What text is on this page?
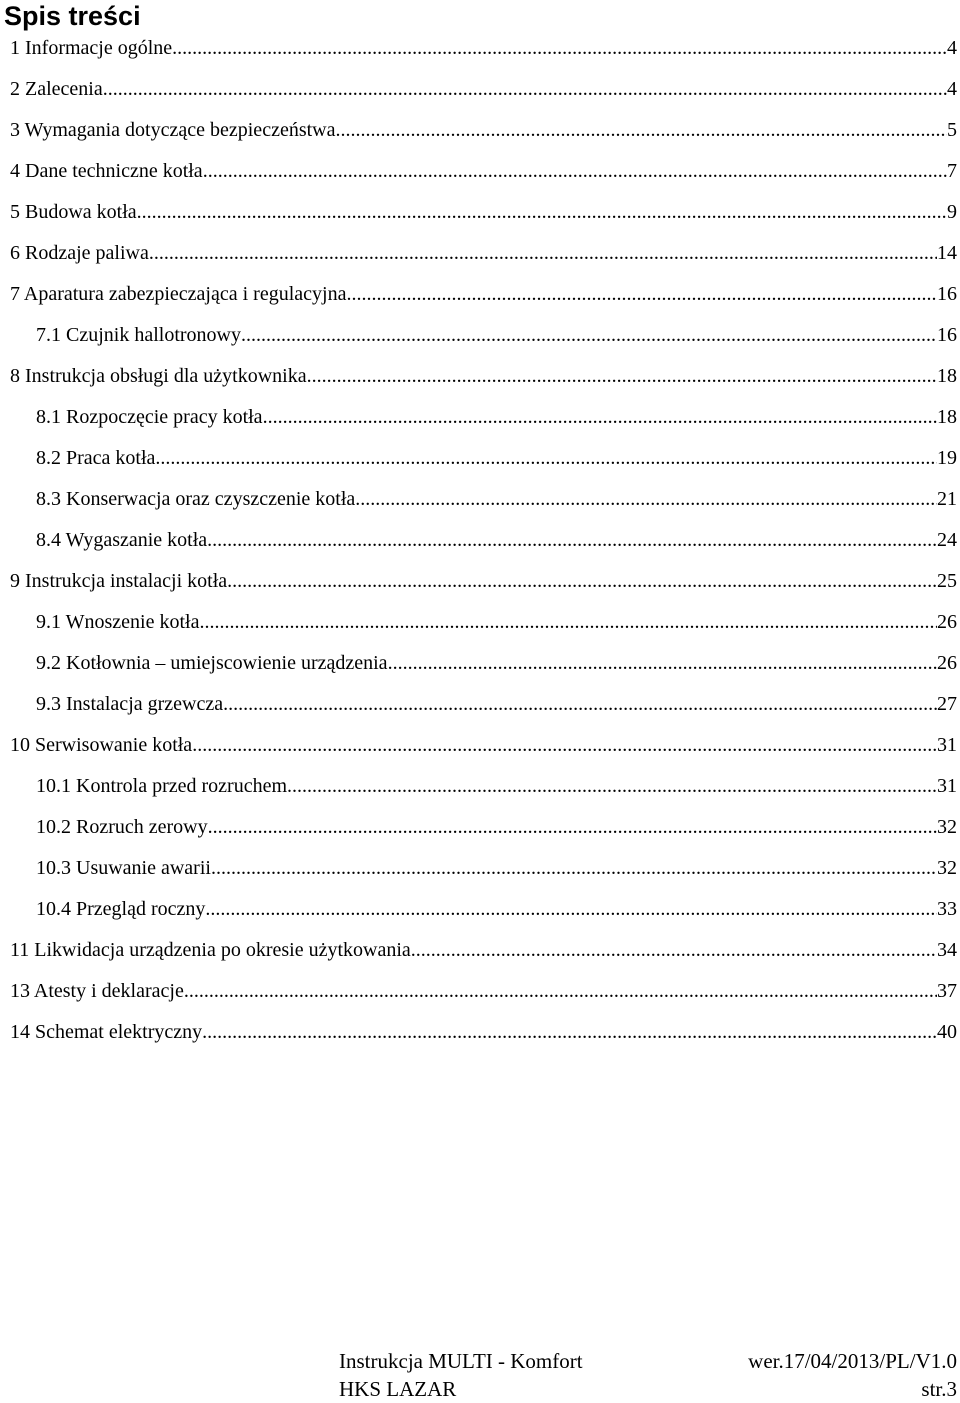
Spis treści
1 Informacje ogólne .....	4
2 Zalecenia .....	4
3 Wymagania dotyczące bezpieczeństwa .....	5
4 Dane techniczne kotła .....	7
5 Budowa kotła .....	9
6 Rodzaje paliwa .....	14
7 Aparatura zabezpieczająca i regulacyjna .....	16
7.1 Czujnik hallotronowy .....	16
8 Instrukcja obsługi dla użytkownika .....	18
8.1 Rozpoczęcie pracy kotła .....	18
8.2 Praca kotła .....	19
8.3 Konserwacja oraz czyszczenie kotła .....	21
8.4 Wygaszanie kotła .....	24
9 Instrukcja instalacji kotła .....	25
9.1 Wnoszenie kotła .....	26
9.2 Kotłownia – umiejscowienie urządzenia .....	26
9.3 Instalacja grzewcza .....	27
10 Serwisowanie kotła .....	31
10.1 Kontrola przed rozruchem .....	31
10.2 Rozruch zerowy .....	32
10.3 Usuwanie awarii .....	32
10.4 Przegląd roczny .....	33
11 Likwidacja urządzenia po okresie użytkowania .....	34
13 Atesty i deklaracje .....	37
14 Schemat elektryczny .....	40
Instrukcja MULTI - Komfort	wer.17/04/2013/PL/V1.0
HKS LAZAR	str.3
